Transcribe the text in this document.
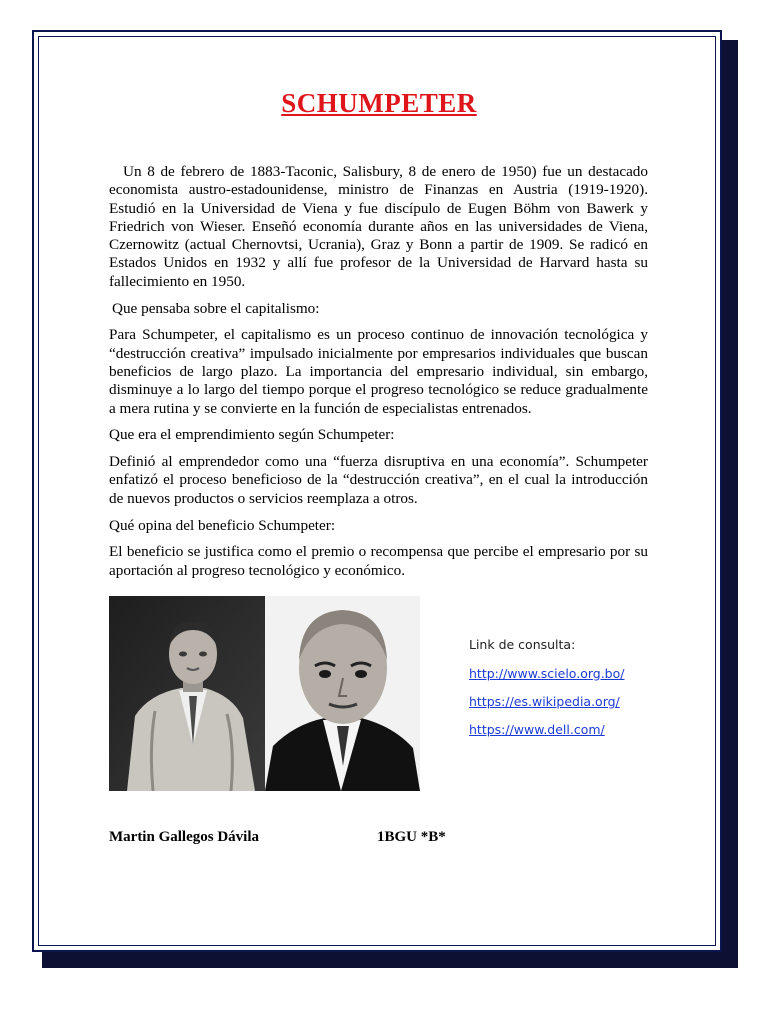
SCHUMPETER

Un 8 de febrero de 1883-Taconic, Salisbury, 8 de enero de 1950) fue un destacado economista austro-estadounidense, ministro de Finanzas en Austria (1919-1920). Estudió en la Universidad de Viena y fue discípulo de Eugen Böhm von Bawerk y Friedrich von Wieser. Enseñó economía durante años en las universidades de Viena, Czernowitz (actual Chernovtsi, Ucrania), Graz y Bonn a partir de 1909. Se radicó en Estados Unidos en 1932 y allí fue profesor de la Universidad de Harvard hasta su fallecimiento en 1950.

Que pensaba sobre el capitalismo:

Para Schumpeter, el capitalismo es un proceso continuo de innovación tecnológica y “destrucción creativa” impulsado inicialmente por empresarios individuales que buscan beneficios de largo plazo. La importancia del empresario individual, sin embargo, disminuye a lo largo del tiempo porque el progreso tecnológico se reduce gradualmente a mera rutina y se convierte en la función de especialistas entrenados.

Que era el emprendimiento según Schumpeter:

Definió al emprendedor como una “fuerza disruptiva en una economía”. Schumpeter enfatizó el proceso beneficioso de la “destrucción creativa”, en el cual la introducción de nuevos productos o servicios reemplaza a otros.

Qué opina del beneficio Schumpeter:

El beneficio se justifica como el premio o recompensa que percibe el empresario por su aportación al progreso tecnológico y económico.

Link de consulta:
http://www.scielo.org.bo/
https://es.wikipedia.org/
https://www.dell.com/
Martin Gallegos Dávila	1BGU *B*
